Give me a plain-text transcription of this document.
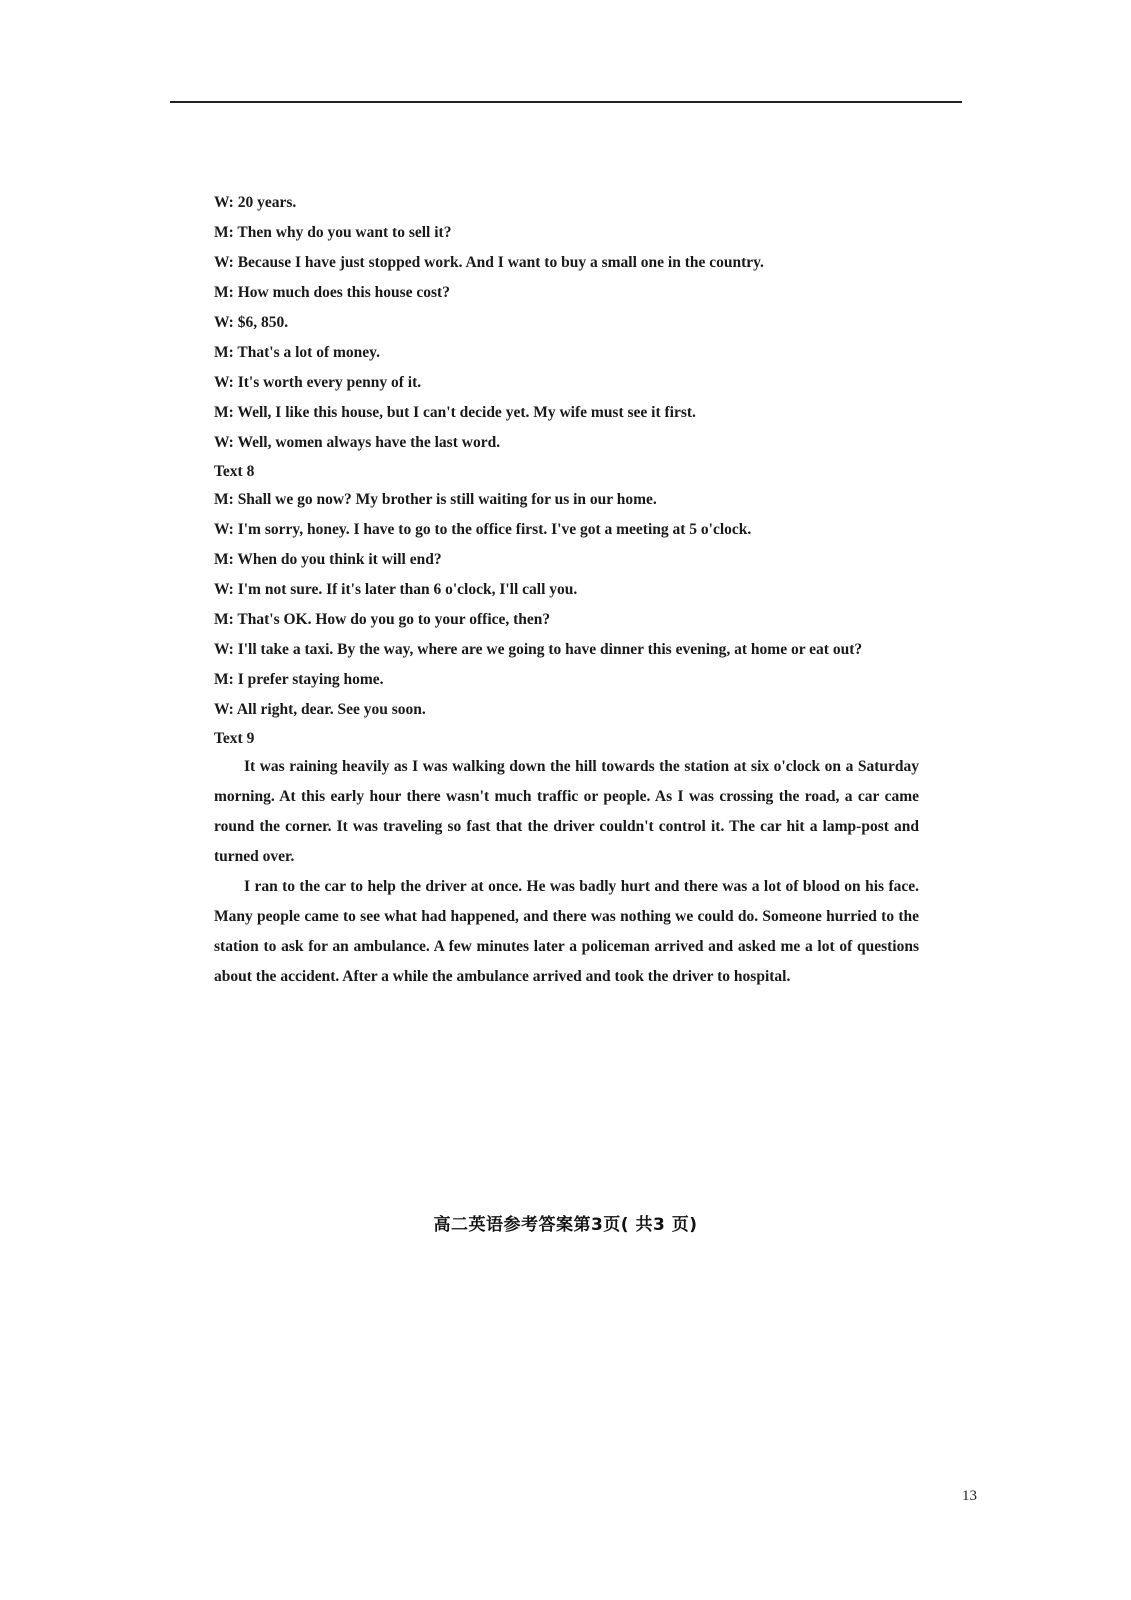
W: 20 years.
M: Then why do you want to sell it?
W: Because I have just stopped work. And I want to buy a small one in the country.
M: How much does this house cost?
W: $6, 850.
M: That's a lot of money.
W: It's worth every penny of it.
M: Well, I like this house, but I can't decide yet. My wife must see it first.
W: Well, women always have the last word.
Text 8
M: Shall we go now? My brother is still waiting for us in our home.
W: I'm sorry, honey. I have to go to the office first. I've got a meeting at 5 o'clock.
M: When do you think it will end?
W: I'm not sure. If it's later than 6 o'clock, I'll call you.
M: That's OK. How do you go to your office, then?
W: I'll take a taxi. By the way, where are we going to have dinner this evening, at home or eat out?
M: I prefer staying home.
W: All right, dear. See you soon.
Text 9

It was raining heavily as I was walking down the hill towards the station at six o'clock on a Saturday morning. At this early hour there wasn't much traffic or people. As I was crossing the road, a car came round the corner. It was traveling so fast that the driver couldn't control it. The car hit a lamp-post and turned over.

I ran to the car to help the driver at once. He was badly hurt and there was a lot of blood on his face. Many people came to see what had happened, and there was nothing we could do. Someone hurried to the station to ask for an ambulance. A few minutes later a policeman arrived and asked me a lot of questions about the accident. After a while the ambulance arrived and took the driver to hospital.

高二英语参考答案第3页( 共3 页)
13
